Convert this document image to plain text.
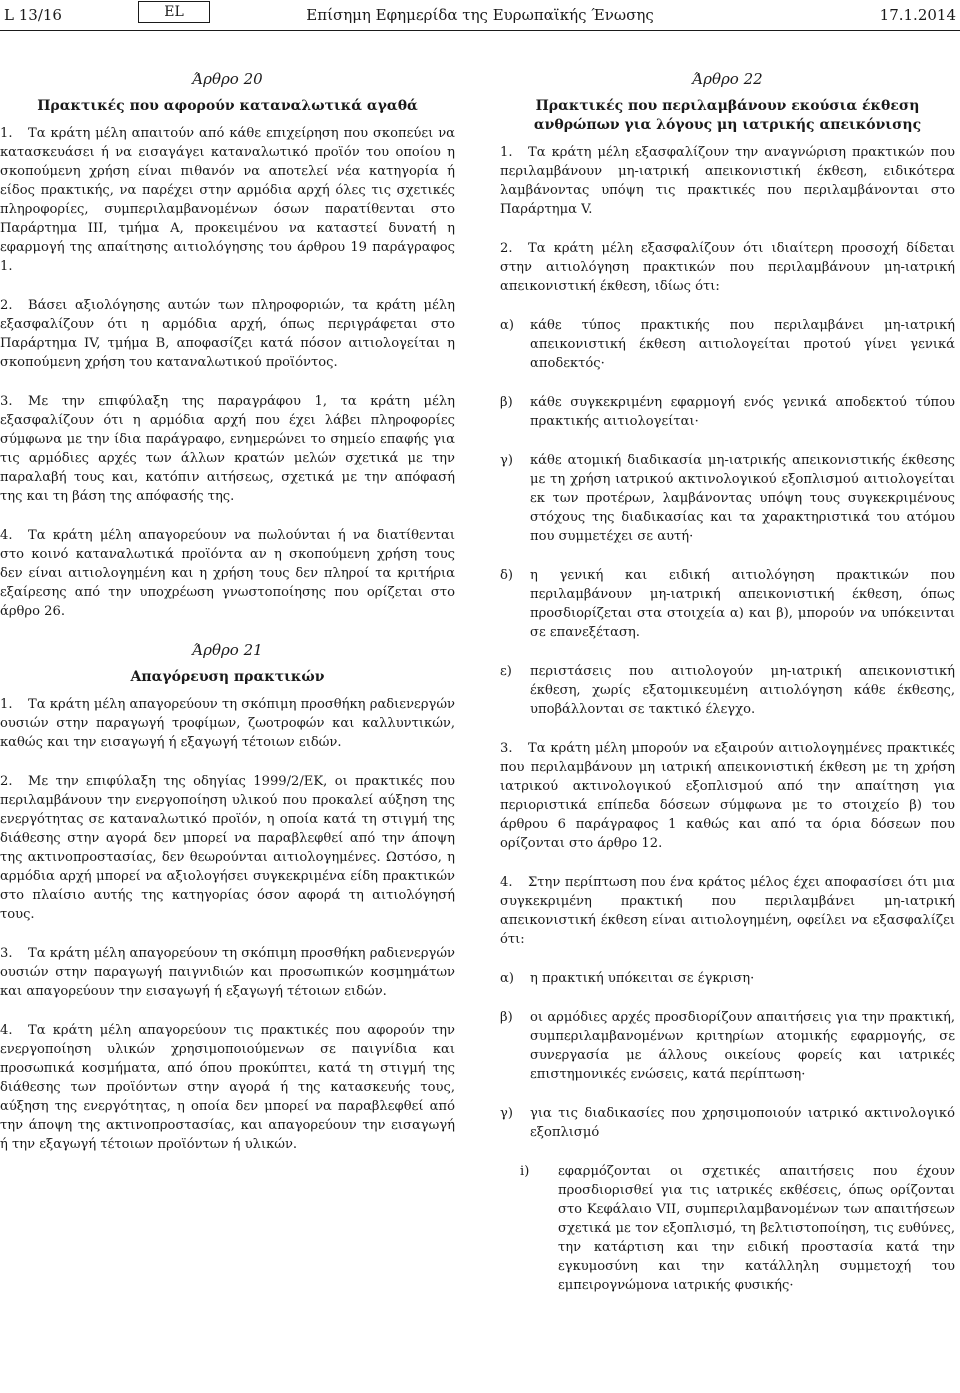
L 13/16	EL	Επίσημη Εφημερίδα της Ευρωπαϊκής Ένωσης	17.1.2014
Άρθρο 20
Πρακτικές που αφορούν καταναλωτικά αγαθά

1. Τα κράτη μέλη απαιτούν από κάθε επιχείρηση που σκοπεύει να κατασκευάσει ή να εισαγάγει καταναλωτικό προϊόν του οποίου η σκοπούμενη χρήση είναι πιθανόν να αποτελεί νέα κατηγορία ή είδος πρακτικής, να παρέχει στην αρμόδια αρχή όλες τις σχετικές πληροφορίες, συμπεριλαμβανομένων όσων παρατίθενται στο Παράρτημα III, τμήμα Α, προκειμένου να καταστεί δυνατή η εφαρμογή της απαίτησης αιτιολόγησης του άρθρου 19 παράγραφος 1.

2. Βάσει αξιολόγησης αυτών των πληροφοριών, τα κράτη μέλη εξασφαλίζουν ότι η αρμόδια αρχή, όπως περιγράφεται στο Παράρτημα IV, τμήμα Β, αποφασίζει κατά πόσον αιτιολογείται η σκοπούμενη χρήση του καταναλωτικού προϊόντος.

3. Με την επιφύλαξη της παραγράφου 1, τα κράτη μέλη εξασφαλίζουν ότι η αρμόδια αρχή που έχει λάβει πληροφορίες σύμφωνα με την ίδια παράγραφο, ενημερώνει το σημείο επαφής για τις αρμόδιες αρχές των άλλων κρατών μελών σχετικά με την παραλαβή τους και, κατόπιν αιτήσεως, σχετικά με την απόφασή της και τη βάση της απόφασής της.

4. Τα κράτη μέλη απαγορεύουν να πωλούνται ή να διατίθενται στο κοινό καταναλωτικά προϊόντα αν η σκοπούμενη χρήση τους δεν είναι αιτιολογημένη και η χρήση τους δεν πληροί τα κριτήρια εξαίρεσης από την υποχρέωση γνωστοποίησης που ορίζεται στο άρθρο 26.

Άρθρο 21
Απαγόρευση πρακτικών

1. Τα κράτη μέλη απαγορεύουν τη σκόπιμη προσθήκη ραδιενεργών ουσιών στην παραγωγή τροφίμων, ζωοτροφών και καλλυντικών, καθώς και την εισαγωγή ή εξαγωγή τέτοιων ειδών.

2. Με την επιφύλαξη της οδηγίας 1999/2/ΕΚ, οι πρακτικές που περιλαμβάνουν την ενεργοποίηση υλικού που προκαλεί αύξηση της ενεργότητας σε καταναλωτικό προϊόν, η οποία κατά τη στιγμή της διάθεσης στην αγορά δεν μπορεί να παραβλεφθεί από την άποψη της ακτινοπροστασίας, δεν θεωρούνται αιτιολογημένες. Ωστόσο, η αρμόδια αρχή μπορεί να αξιολογήσει συγκεκριμένα είδη πρακτικών στο πλαίσιο αυτής της κατηγορίας όσον αφορά τη αιτιολόγησή τους.

3. Τα κράτη μέλη απαγορεύουν τη σκόπιμη προσθήκη ραδιενεργών ουσιών στην παραγωγή παιγνιδιών και προσωπικών κοσμημάτων και απαγορεύουν την εισαγωγή ή εξαγωγή τέτοιων ειδών.

4. Τα κράτη μέλη απαγορεύουν τις πρακτικές που αφορούν την ενεργοποίηση υλικών χρησιμοποιούμενων σε παιγνίδια και προσωπικά κοσμήματα, από όπου προκύπτει, κατά τη στιγμή της διάθεσης των προϊόντων στην αγορά ή της κατασκευής τους, αύξηση της ενεργότητας, η οποία δεν μπορεί να παραβλεφθεί από την άποψη της ακτινοπροστασίας, και απαγορεύουν την εισαγωγή ή την εξαγωγή τέτοιων προϊόντων ή υλικών.

Άρθρο 22
Πρακτικές που περιλαμβάνουν εκούσια έκθεση ανθρώπων για λόγους μη ιατρικής απεικόνισης

1. Τα κράτη μέλη εξασφαλίζουν την αναγνώριση πρακτικών που περιλαμβάνουν μη-ιατρική απεικονιστική έκθεση, ειδικότερα λαμβάνοντας υπόψη τις πρακτικές που περιλαμβάνονται στο Παράρτημα V.

2. Τα κράτη μέλη εξασφαλίζουν ότι ιδιαίτερη προσοχή δίδεται στην αιτιολόγηση πρακτικών που περιλαμβάνουν μη-ιατρική απεικονιστική έκθεση, ιδίως ότι:

α)	κάθε τύπος πρακτικής που περιλαμβάνει μη-ιατρική απεικονιστική έκθεση αιτιολογείται προτού γίνει γενικά αποδεκτός·
β)	κάθε συγκεκριμένη εφαρμογή ενός γενικά αποδεκτού τύπου πρακτικής αιτιολογείται·
γ)	κάθε ατομική διαδικασία μη-ιατρικής απεικονιστικής έκθεσης με τη χρήση ιατρικού ακτινολογικού εξοπλισμού αιτιολογείται εκ των προτέρων, λαμβάνοντας υπόψη τους συγκεκριμένους στόχους της διαδικασίας και τα χαρακτηριστικά του ατόμου που συμμετέχει σε αυτή·
δ)	η γενική και ειδική αιτιολόγηση πρακτικών που περιλαμβάνουν μη-ιατρική απεικονιστική έκθεση, όπως προσδιορίζεται στα στοιχεία α) και β), μπορούν να υπόκεινται σε επανεξέταση.
ε)	περιστάσεις που αιτιολογούν μη-ιατρική απεικονιστική έκθεση, χωρίς εξατομικευμένη αιτιολόγηση κάθε έκθεσης, υποβάλλονται σε τακτικό έλεγχο.

3. Τα κράτη μέλη μπορούν να εξαιρούν αιτιολογημένες πρακτικές που περιλαμβάνουν μη ιατρική απεικονιστική έκθεση με τη χρήση ιατρικού ακτινολογικού εξοπλισμού από την απαίτηση για περιοριστικά επίπεδα δόσεων σύμφωνα με το στοιχείο β) του άρθρου 6 παράγραφος 1 καθώς και από τα όρια δόσεων που ορίζονται στο άρθρο 12.

4. Στην περίπτωση που ένα κράτος μέλος έχει αποφασίσει ότι μια συγκεκριμένη πρακτική που περιλαμβάνει μη-ιατρική απεικονιστική έκθεση είναι αιτιολογημένη, οφείλει να εξασφαλίζει ότι:

α)	η πρακτική υπόκειται σε έγκριση·
β)	οι αρμόδιες αρχές προσδιορίζουν απαιτήσεις για την πρακτική, συμπεριλαμβανομένων κριτηρίων ατομικής εφαρμογής, σε συνεργασία με άλλους οικείους φορείς και ιατρικές επιστημονικές ενώσεις, κατά περίπτωση·
γ)	για τις διαδικασίες που χρησιμοποιούν ιατρικό ακτινολογικό εξοπλισμό
i)	εφαρμόζονται οι σχετικές απαιτήσεις που έχουν προσδιορισθεί για τις ιατρικές εκθέσεις, όπως ορίζονται στο Κεφάλαιο VII, συμπεριλαμβανομένων των απαιτήσεων σχετικά με τον εξοπλισμό, τη βελτιστοποίηση, τις ευθύνες, την κατάρτιση και την ειδική προστασία κατά την εγκυμοσύνη και την κατάλληλη συμμετοχή του εμπειρογνώμονα ιατρικής φυσικής·
